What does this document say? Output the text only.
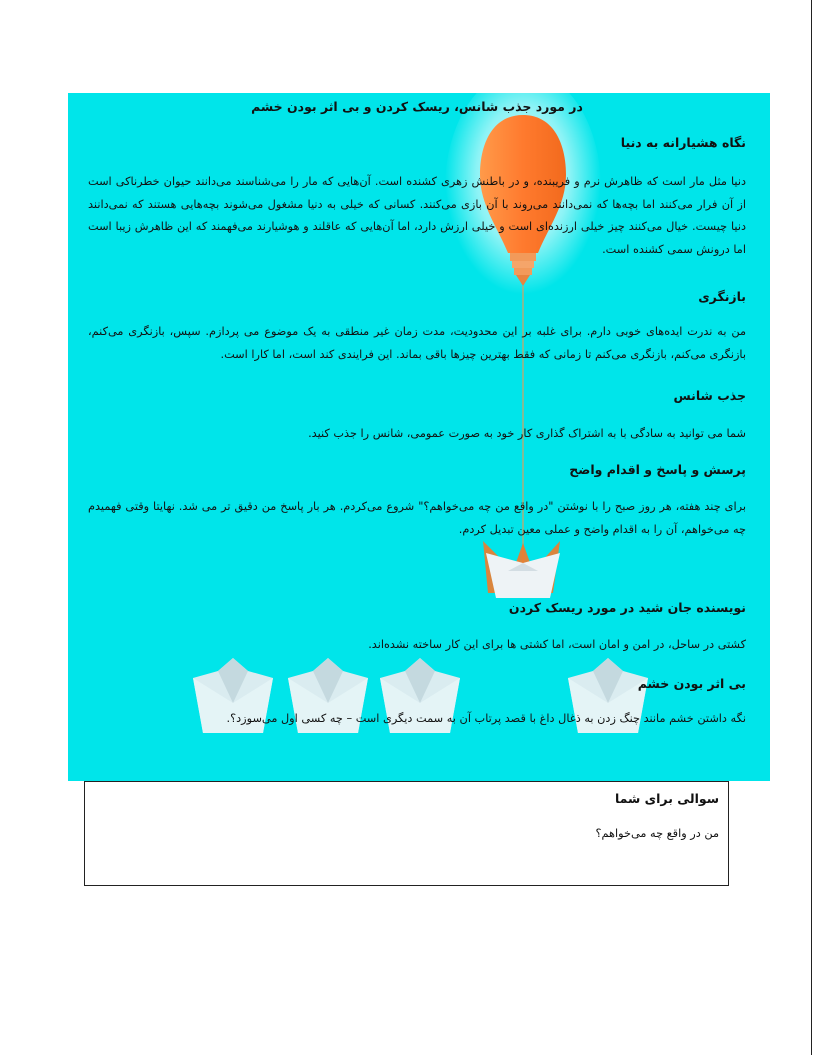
در مورد جذب شانس، ریسک کردن و بی اثر بودن خشم
نگاه هشیارانه به دنیا
دنیا مثل مار است که ظاهرش نرم و فریبنده، و در باطنش زهری کشنده است. آن‌هایی که مار را می‌شناسند می‌دانند حیوان خطرناکی است از آن فرار می‌کنند اما بچه‌ها که نمی‌دانند می‌روند با آن بازی می‌کنند. کسانی که خیلی به دنیا مشغول می‌شوند بچه‌هایی هستند که نمی‌دانند دنیا چیست. خیال می‌کنند چیز خیلی ارزنده‌ای است و خیلی ارزش دارد، اما آن‌هایی که عاقلند و هوشیارند می‌فهمند که این ظاهرش زیبا است اما درونش سمی کشنده است.
بازنگری
من به ندرت ایده‌های خوبی دارم. برای غلبه بر این محدودیت، مدت زمان غیر منطقی به یک موضوع می پردازم. سپس، بازنگری می‌کنم، بازنگری می‌کنم، بازنگری می‌کنم تا زمانی که فقط بهترین چیزها باقی بماند. این فرایندی کند است، اما کارا است.
جذب شانس
شما می توانید به سادگی با به اشتراک گذاری کار خود به صورت عمومی، شانس را جذب کنید.
پرسش و پاسخ و اقدام واضح
برای چند هفته، هر روز صبح را با نوشتن "در واقع من چه می‌خواهم؟" شروع می‌کردم. هر بار پاسخ من دقیق تر می شد. نهایتا وقتی فهمیدم چه می‌خواهم، آن را به اقدام واضح و عملی معین تبدیل کردم.
نویسنده جان شید در مورد ریسک کردن
کشتی در ساحل، در امن و امان است، اما کشتی ها برای این کار ساخته نشده‌اند.
بی اثر بودن خشم
نگه داشتن خشم مانند چنگ زدن به ذغال داغ با قصد پرتاب آن به سمت دیگری است – چه کسی اول می‌سوزد؟.
سوالی برای شما
من در واقع چه می‌خواهم؟
